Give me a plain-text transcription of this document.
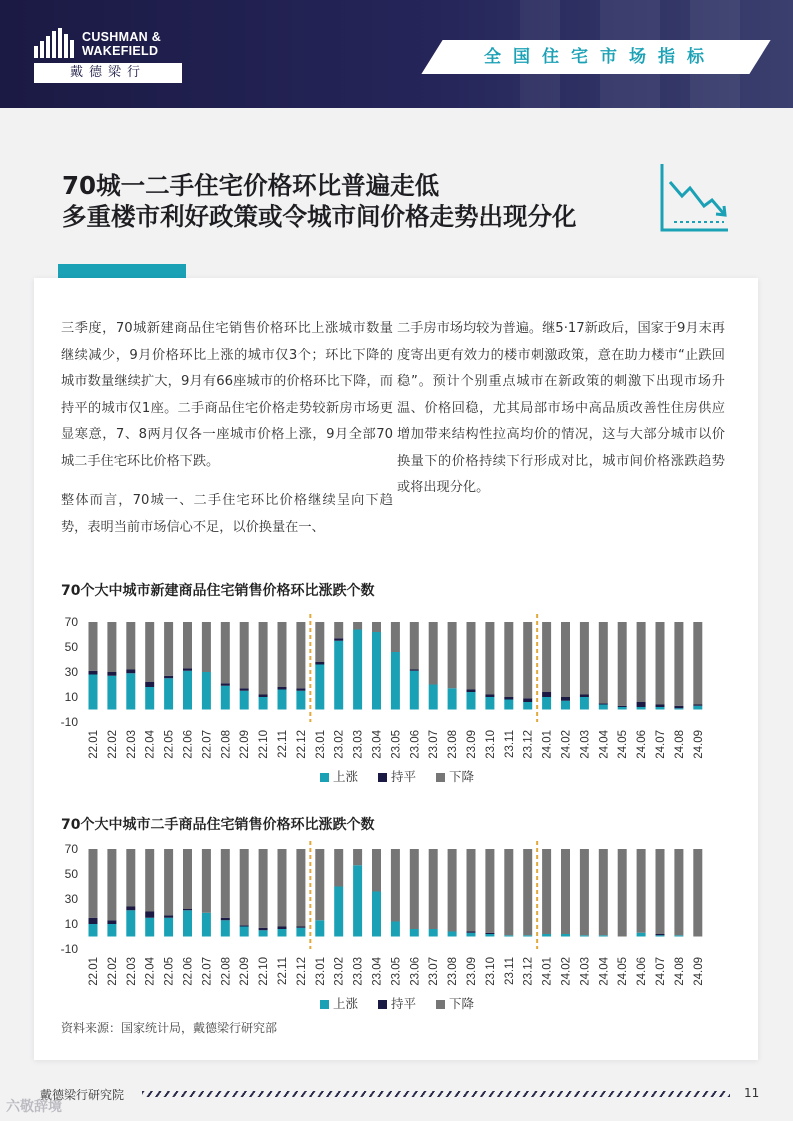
CUSHMAN &
WAKEFIELD
戴德梁行
全国住宅市场指标
70城一二手住宅价格环比普遍走低
多重楼市利好政策或令城市间价格走势出现分化

三季度，70城新建商品住宅销售价格环比上涨城市数量继续减少，9月价格环比上涨的城市仅3个；环比下降的城市数量继续扩大，9月有66座城市的价格环比下降，而持平的城市仅1座。二手商品住宅价格走势较新房市场更显寒意，7、8两月仅各一座城市价格上涨，9月全部70城二手住宅环比价格下跌。

整体而言，70城一、二手住宅环比价格继续呈向下趋势，表明当前市场信心不足，以价换量在一、

二手房市场均较为普遍。继5·17新政后，国家于9月末再度寄出更有效力的楼市刺激政策，意在助力楼市“止跌回稳”。预计个别重点城市在新政策的刺激下出现市场升温、价格回稳，尤其局部市场中高品质改善性住房供应增加带来结构性拉高均价的情况，这与大部分城市以价换量下的价格持续下行形成对比，城市间价格涨跌趋势或将出现分化。

70个大中城市新建商品住宅销售价格环比涨跌个数
-10
10
30
50
70
22.01 22.02 22.03 22.04 22.05 22.06 22.07 22.08 22.09 22.10 22.11 22.12 23.01 23.02 23.03 23.04 23.05 23.06 23.07 23.08 23.09 23.10 23.11 23.12 24.01 24.02 24.03 24.04 24.05 24.06 24.07 24.08 24.09
上涨	持平	下降
70个大中城市二手商品住宅销售价格环比涨跌个数
-10
10
30
50
70
22.01 22.02 22.03 22.04 22.05 22.06 22.07 22.08 22.09 22.10 22.11 22.12 23.01 23.02 23.03 23.04 23.05 23.06 23.07 23.08 23.09 23.10 23.11 23.12 24.01 24.02 24.03 24.04 24.05 24.06 24.07 24.08 24.09
上涨	持平	下降
资料来源：国家统计局，戴德梁行研究部
戴德梁行研究院	11
六敬辞境
